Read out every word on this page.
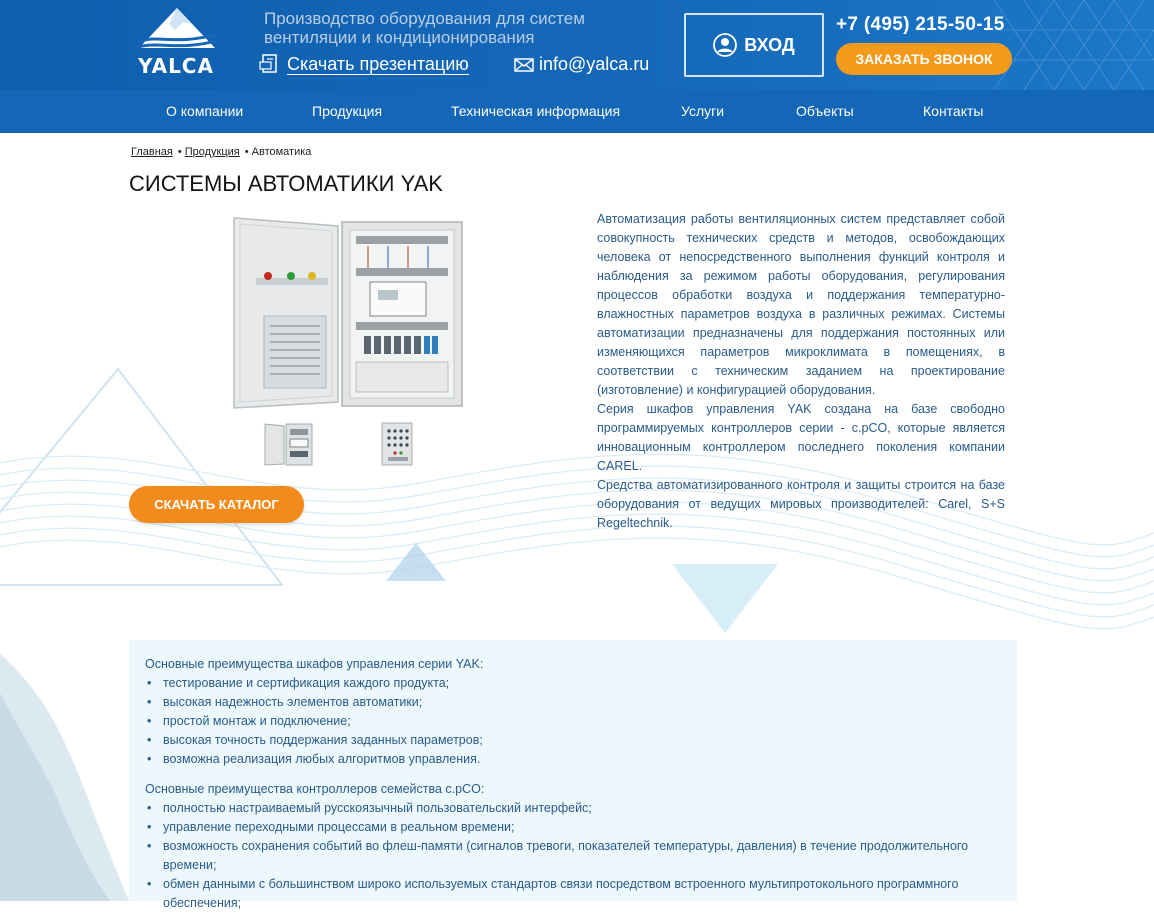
YALCA
Производство оборудования для систем вентиляции и кондиционирования
Скачать презентацию	info@yalca.ru
ВХОД
+7 (495) 215-50-15
ЗАКАЗАТЬ ЗВОНОК
О компании	Продукция	Техническая информация	Услуги	Объекты	Контакты
Главная • Продукция • Автоматика
СИСТЕМЫ АВТОМАТИКИ YAK
СКАЧАТЬ КАТАЛОГ

Автоматизация работы вентиляционных систем представляет собой совокупность технических средств и методов, освобождающих человека от непосредственного выполнения функций контроля и наблюдения за режимом работы оборудования, регулирования процессов обработки воздуха и поддержания температурно-влажностных параметров воздуха в различных режимах. Системы автоматизации предназначены для поддержания постоянных или изменяющихся параметров микроклимата в помещениях, в соответствии с техническим заданием на проектирование (изготовление) и конфигурацией оборудования.

Серия шкафов управления YAK создана на базе свободно программируемых контроллеров серии - c.pCO, которые является инновационным контроллером последнего поколения компании CAREL.

Средства автоматизированного контроля и защиты строится на базе оборудования от ведущих мировых производителей: Carel, S+S Regeltechnik.

Основные преимущества шкафов управления серии YAK:
• тестирование и сертификация каждого продукта;
• высокая надежность элементов автоматики;
• простой монтаж и подключение;
• высокая точность поддержания заданных параметров;
• возможна реализация любых алгоритмов управления.
Основные преимущества контроллеров семейства c.pCO:
• полностью настраиваемый русскоязычный пользовательский интерфейс;
• управление переходными процессами в реальном времени;
• возможность сохранения событий во флеш-памяти (сигналов тревоги, показателей температуры, давления) в течение продолжительного времени;
• обмен данными с большинством широко используемых стандартов связи посредством встроенного мультипротокольного программного обеспечения;
